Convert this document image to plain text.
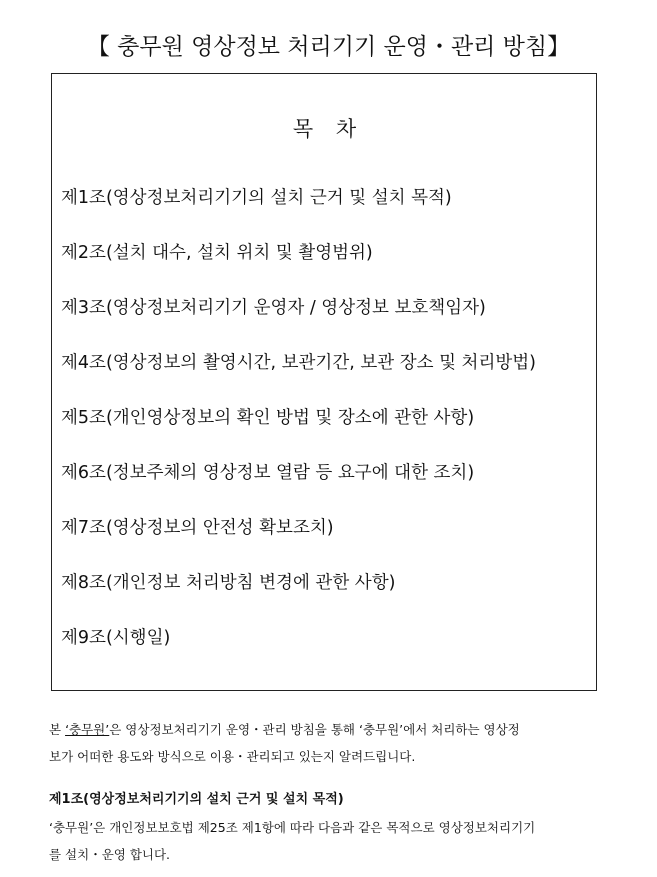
【 충무원 영상정보 처리기기 운영・관리 방침】
목 차
제1조(영상정보처리기기의 설치 근거 및 설치 목적)
제2조(설치 대수, 설치 위치 및 촬영범위)
제3조(영상정보처리기기 운영자 / 영상정보 보호책임자)
제4조(영상정보의 촬영시간, 보관기간, 보관 장소 및 처리방법)
제5조(개인영상정보의 확인 방법 및 장소에 관한 사항)
제6조(정보주체의 영상정보 열람 등 요구에 대한 조치)
제7조(영상정보의 안전성 확보조치)
제8조(개인정보 처리방침 변경에 관한 사항)
제9조(시행일)
본 ‘충무원’은 영상정보처리기기 운영・관리 방침을 통해 ‘충무원’에서 처리하는 영상정
보가 어떠한 용도와 방식으로 이용・관리되고 있는지 알려드립니다.
제1조(영상정보처리기기의 설치 근거 및 설치 목적)
‘충무원’은 개인정보보호법 제25조 제1항에 따라 다음과 같은 목적으로 영상정보처리기기
를 설치・운영 합니다.
